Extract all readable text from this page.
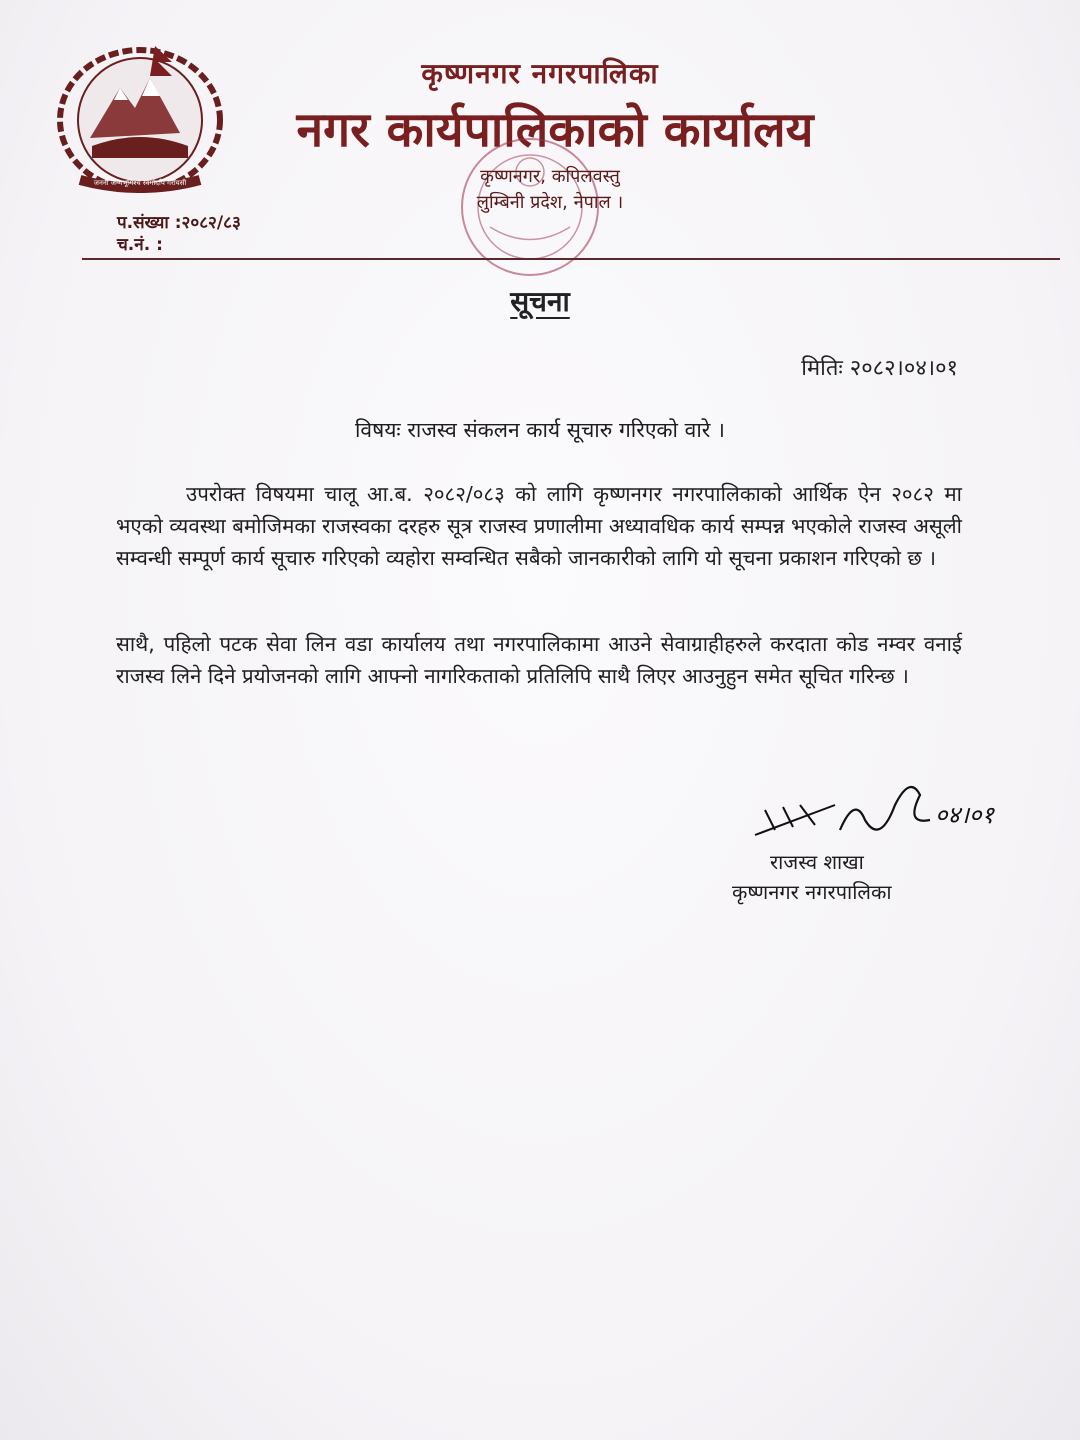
जननी जन्मभूमिश्च स्वर्गादपि गरीयसी
कृष्णनगर नगरपालिका
नगर कार्यपालिकाको कार्यालय
कृष्णनगर, कपिलवस्तु
लुम्बिनी प्रदेश, नेपाल ।
प.संख्या :२०८२/८३
च.नं. :
सूचना
मितिः २०८२।०४।०१
विषयः राजस्व संकलन कार्य सूचारु गरिएको वारे ।
उपरोक्त विषयमा चालू आ.ब. २०८२/०८३ को लागि कृष्णनगर नगरपालिकाको आर्थिक ऐन २०८२ मा भएको व्यवस्था बमोजिमका राजस्वका दरहरु सूत्र राजस्व प्रणालीमा अध्यावधिक कार्य सम्पन्न भएकोले राजस्व असूली सम्वन्धी सम्पूर्ण कार्य सूचारु गरिएको व्यहोरा सम्वन्धित सबैको जानकारीको लागि यो सूचना प्रकाशन गरिएको छ ।
साथै, पहिलो पटक सेवा लिन वडा कार्यालय तथा नगरपालिकामा आउने सेवाग्राहीहरुले करदाता कोड नम्वर वनाई राजस्व लिने दिने प्रयोजनको लागि आफ्नो नागरिकताको प्रतिलिपि साथै लिएर आउनुहुन समेत सूचित गरिन्छ ।
०४।०१
राजस्व शाखा
कृष्णनगर नगरपालिका
